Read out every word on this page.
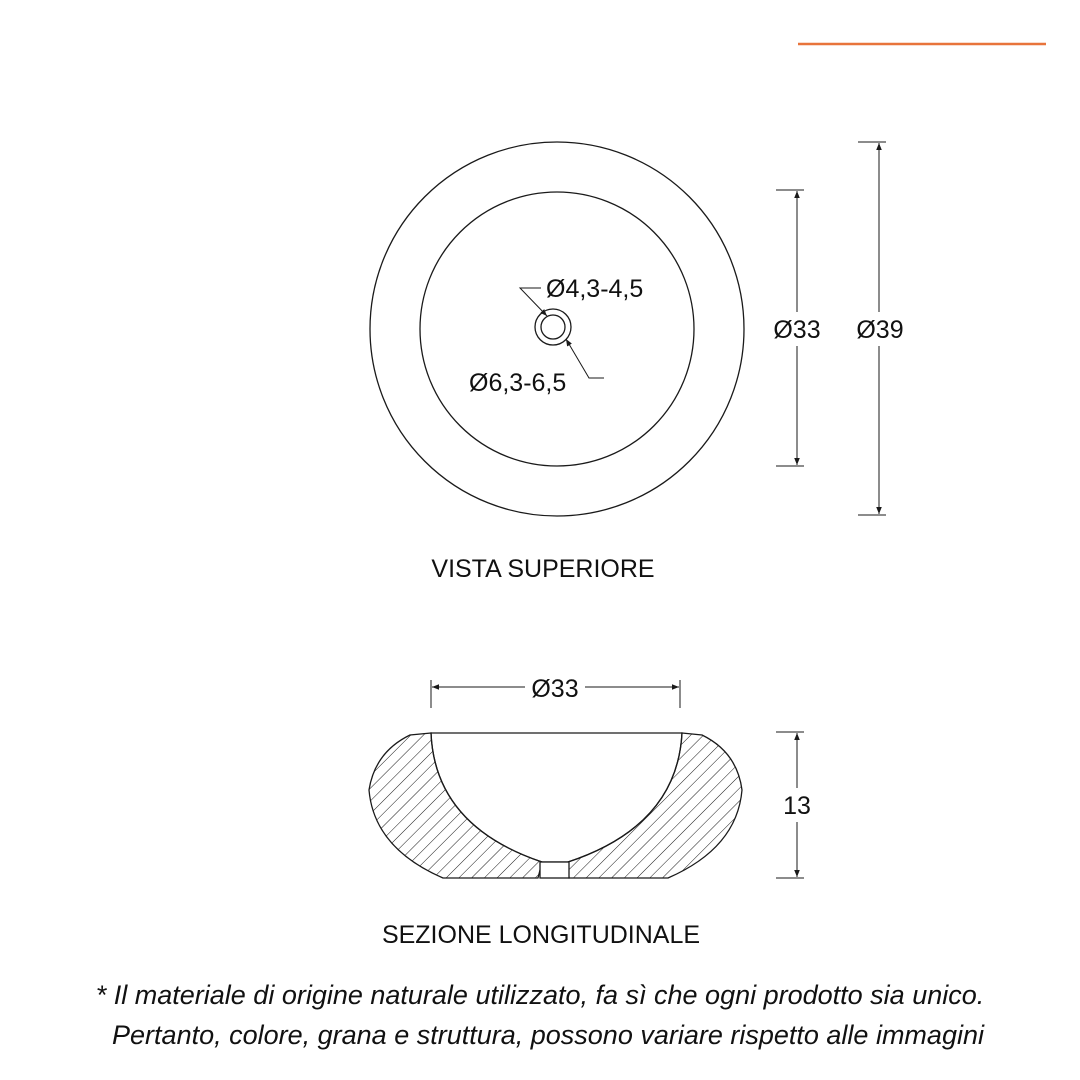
Ø4,3-4,5
Ø6,3-6,5
Ø33 Ø39
VISTA SUPERIORE
Ø33
13
SEZIONE LONGITUDINALE
* Il materiale di origine naturale utilizzato, fa sì che ogni prodotto sia unico.
Pertanto, colore, grana e struttura, possono variare rispetto alle immagini
